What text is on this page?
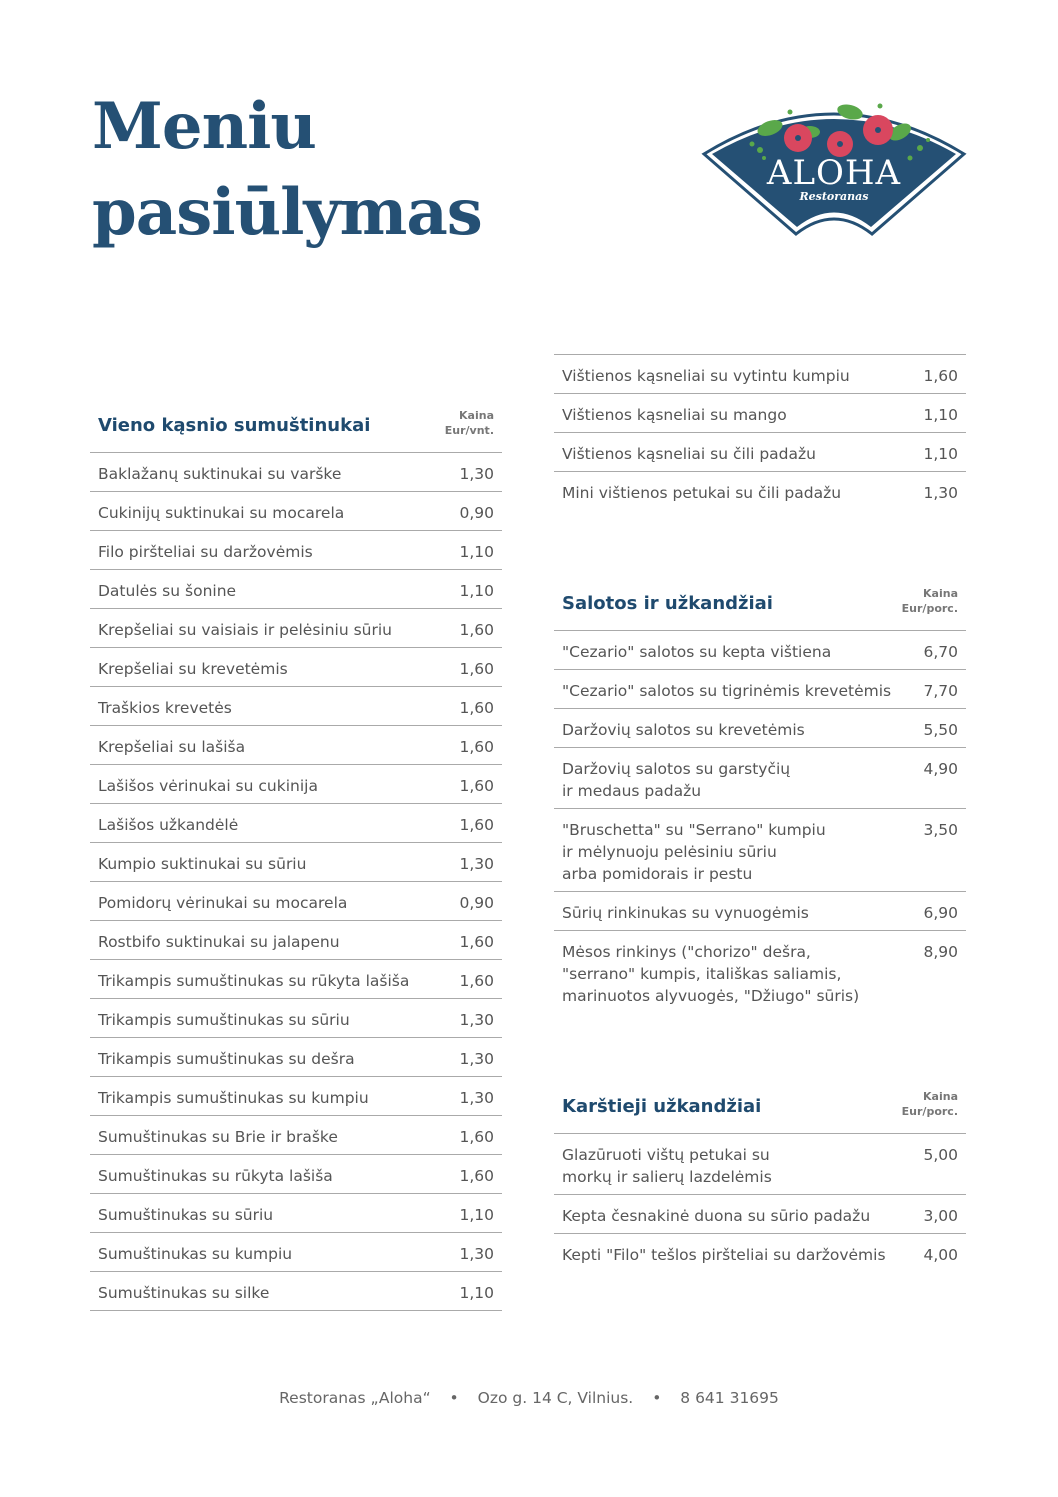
Meniu
pasiūlymas
ALOHA
Restoranas
Vieno kąsnio sumuštinukai	Kaina
Eur/vnt.
Baklažanų suktinukai su varške	1,30
Cukinijų suktinukai su mocarela	0,90
Filo piršteliai su daržovėmis	1,10
Datulės su šonine	1,10
Krepšeliai su vaisiais ir pelėsiniu sūriu	1,60
Krepšeliai su krevetėmis	1,60
Traškios krevetės	1,60
Krepšeliai su lašiša	1,60
Lašišos vėrinukai su cukinija	1,60
Lašišos užkandėlė	1,60
Kumpio suktinukai su sūriu	1,30
Pomidorų vėrinukai su mocarela	0,90
Rostbifo suktinukai su jalapenu	1,60
Trikampis sumuštinukas su rūkyta lašiša	1,60
Trikampis sumuštinukas su sūriu	1,30
Trikampis sumuštinukas su dešra	1,30
Trikampis sumuštinukas su kumpiu	1,30
Sumuštinukas su Brie ir braške	1,60
Sumuštinukas su rūkyta lašiša	1,60
Sumuštinukas su sūriu	1,10
Sumuštinukas su kumpiu	1,30
Sumuštinukas su silke	1,10
Vištienos kąsneliai su vytintu kumpiu	1,60
Vištienos kąsneliai su mango	1,10
Vištienos kąsneliai su čili padažu	1,10
Mini vištienos petukai su čili padažu	1,30
Salotos ir užkandžiai	Kaina
Eur/porc.
"Cezario" salotos su kepta vištiena	6,70
"Cezario" salotos su tigrinėmis krevetėmis	7,70
Daržovių salotos su krevetėmis	5,50
Daržovių salotos su garstyčių
ir medaus padažu
4,90
"Bruschetta" su "Serrano" kumpiu
ir mėlynuoju pelėsiniu sūriu
arba pomidorais ir pestu
3,50
Sūrių rinkinukas su vynuogėmis	6,90
Mėsos rinkinys ("chorizo" dešra,
"serrano" kumpis, itališkas saliamis,
marinuotos alyvuogės, "Džiugo" sūris)
8,90
Karštieji užkandžiai	Kaina
Eur/porc.
Glazūruoti vištų petukai su
morkų ir salierų lazdelėmis
5,00
Kepta česnakinė duona su sūrio padažu	3,00
Kepti "Filo" tešlos piršteliai su daržovėmis	4,00
Restoranas „Aloha“ • Ozo g. 14 C, Vilnius. • 8 641 31695
